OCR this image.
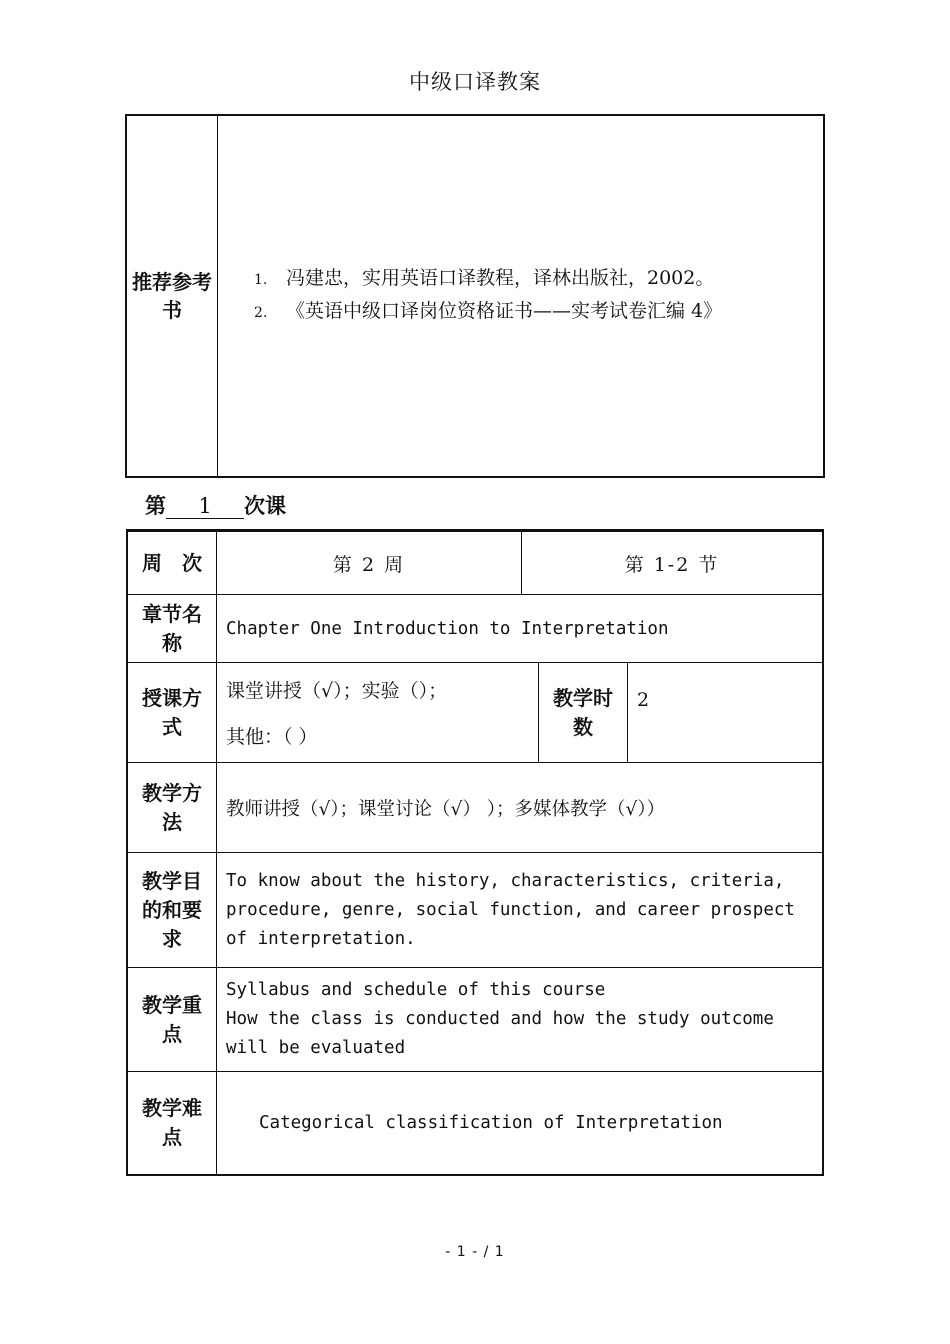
中级口译教案
推荐参考书
1. 冯建忠，实用英语口译教程，译林出版社，2002。
2. 《英语中级口译岗位资格证书——实考试卷汇编 4》
第 1 次课
周　次	第 2 周	第 1-2 节
章节名称
Chapter One Introduction to Interpretation
授课方式
课堂讲授（√）；实验（）；
其他：（ ）
教学时数
2
教学方法
教师讲授（√）；课堂讨论（√） ）；多媒体教学（√））
教学目的和要求
To know about the history, characteristics, criteria, procedure, genre, social function, and career prospect of interpretation.
教学重点
Syllabus and schedule of this course
How the class is conducted and how the study outcome will be evaluated
教学难点
Categorical classification of Interpretation
- 1 - / 1
